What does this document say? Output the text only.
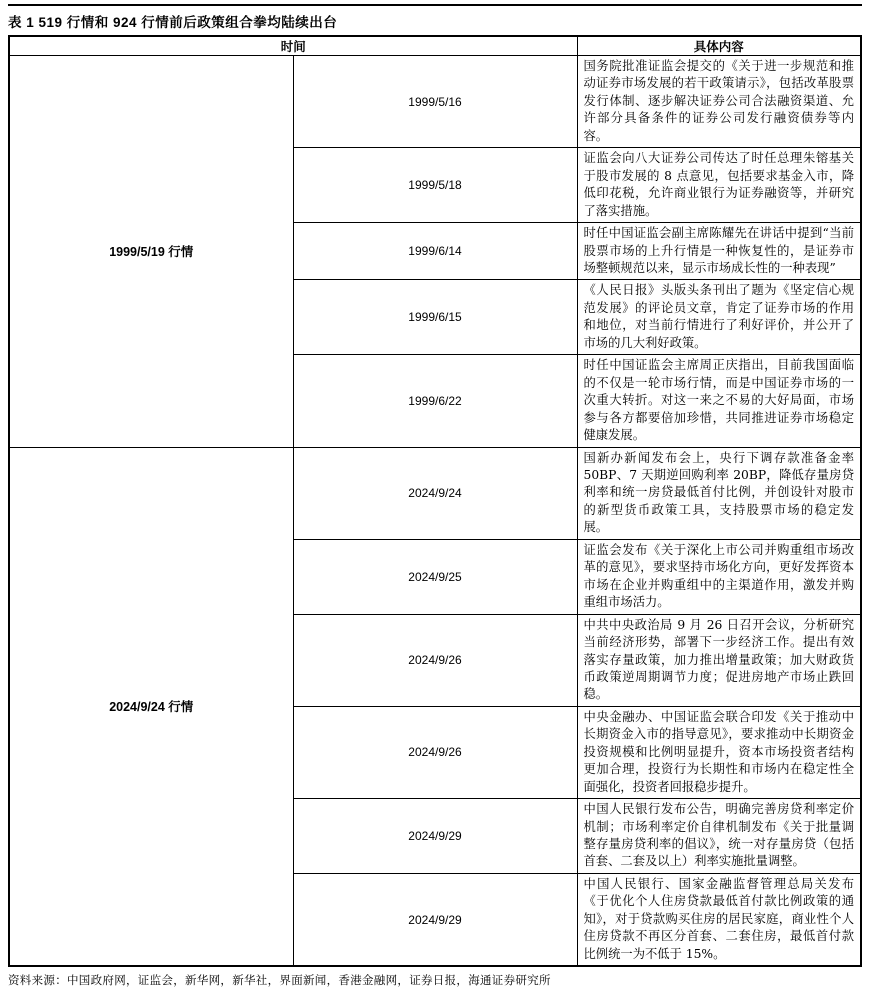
表 1 519 行情和 924 行情前后政策组合拳均陆续出台
时间		具体内容
1999/5/19 行情	1999/5/16	国务院批准证监会提交的《关于进一步规范和推动证券市场发展的若干政策请示》，包括改革股票发行体制、逐步解决证券公司合法融资渠道、允许部分具备条件的证券公司发行融资债券等内容。
	1999/5/18	证监会向八大证券公司传达了时任总理朱镕基关于股市发展的 8 点意见，包括要求基金入市，降低印花税，允许商业银行为证券融资等，并研究了落实措施。
	1999/6/14	时任中国证监会副主席陈耀先在讲话中提到“当前股票市场的上升行情是一种恢复性的，是证券市场整顿规范以来，显示市场成长性的一种表现”
	1999/6/15	《人民日报》头版头条刊出了题为《坚定信心规范发展》的评论员文章，肯定了证券市场的作用和地位，对当前行情进行了利好评价，并公开了市场的几大利好政策。
	1999/6/22	时任中国证监会主席周正庆指出，目前我国面临的不仅是一轮市场行情，而是中国证券市场的一次重大转折。对这一来之不易的大好局面，市场参与各方都要倍加珍惜，共同推进证券市场稳定健康发展。
2024/9/24 行情	2024/9/24	国新办新闻发布会上，央行下调存款准备金率 50BP、7 天期逆回购利率 20BP，降低存量房贷利率和统一房贷最低首付比例，并创设针对股市的新型货币政策工具，支持股票市场的稳定发展。
	2024/9/25	证监会发布《关于深化上市公司并购重组市场改革的意见》，要求坚持市场化方向，更好发挥资本市场在企业并购重组中的主渠道作用，激发并购重组市场活力。
	2024/9/26	中共中央政治局 9 月 26 日召开会议，分析研究当前经济形势，部署下一步经济工作。提出有效落实存量政策，加力推出增量政策；加大财政货币政策逆周期调节力度；促进房地产市场止跌回稳。
	2024/9/26	中央金融办、中国证监会联合印发《关于推动中长期资金入市的指导意见》，要求推动中长期资金投资规模和比例明显提升，资本市场投资者结构更加合理，投资行为长期性和市场内在稳定性全面强化，投资者回报稳步提升。
	2024/9/29	中国人民银行发布公告，明确完善房贷利率定价机制；市场利率定价自律机制发布《关于批量调整存量房贷利率的倡议》，统一对存量房贷（包括首套、二套及以上）利率实施批量调整。
	2024/9/29	中国人民银行、国家金融监督管理总局关发布《于优化个人住房贷款最低首付款比例政策的通知》，对于贷款购买住房的居民家庭，商业性个人住房贷款不再区分首套、二套住房，最低首付款比例统一为不低于 15%。
资料来源：中国政府网，证监会，新华网，新华社，界面新闻，香港金融网，证券日报，海通证券研究所
